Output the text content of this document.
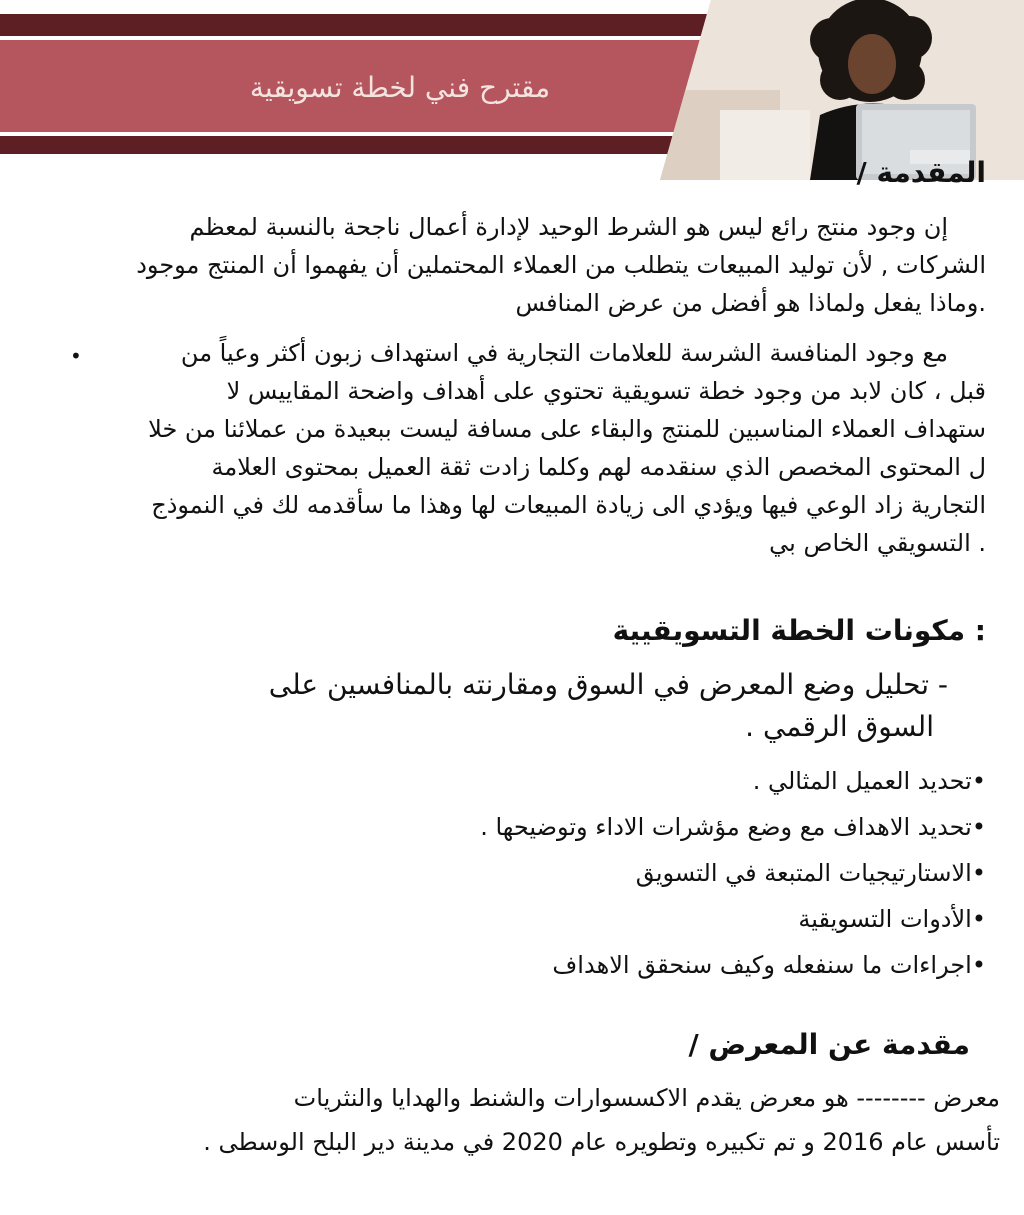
مقترح فني لخطة تسويقية
المقدمة /
إن وجود منتج رائع ليس هو الشرط الوحيد لإدارة أعمال ناجحة بالنسبة لمعظم
الشركات , لأن توليد المبيعات يتطلب من العملاء المحتملين أن يفهموا أن المنتج موجود
.وماذا يفعل ولماذا هو أفضل من عرض المنافس
•	مع وجود المنافسة الشرسة للعلامات التجارية في استهداف زبون أكثر وعياً من
قبل ، كان لابد من وجود خطة تسويقية تحتوي على أهداف واضحة المقاييس لا
ستهداف العملاء المناسبين للمنتج والبقاء على مسافة ليست ببعيدة من عملائنا من خلا
ل المحتوى المخصص الذي سنقدمه لهم وكلما زادت ثقة العميل بمحتوى العلامة
التجارية زاد الوعي فيها ويؤدي الى زيادة المبيعات لها وهذا ما سأقدمه لك في النموذج
. التسويقي الخاص بي
: مكونات الخطة التسويقيية
- تحليل وضع المعرض في السوق ومقارنته بالمنافسين على
السوق الرقمي .
•تحديد العميل المثالي .
•تحديد الاهداف مع وضع مؤشرات الاداء وتوضيحها .
•الاستارتيجيات المتبعة في التسويق
•الأدوات التسويقية
•اجراءات ما سنفعله وكيف سنحقق الاهداف
مقدمة عن المعرض /
معرض -------- هو معرض يقدم الاكسسوارات والشنط والهدايا والنثريات
تأسس عام 2016 و تم تكبيره وتطويره عام 2020 في مدينة دير البلح الوسطى .
